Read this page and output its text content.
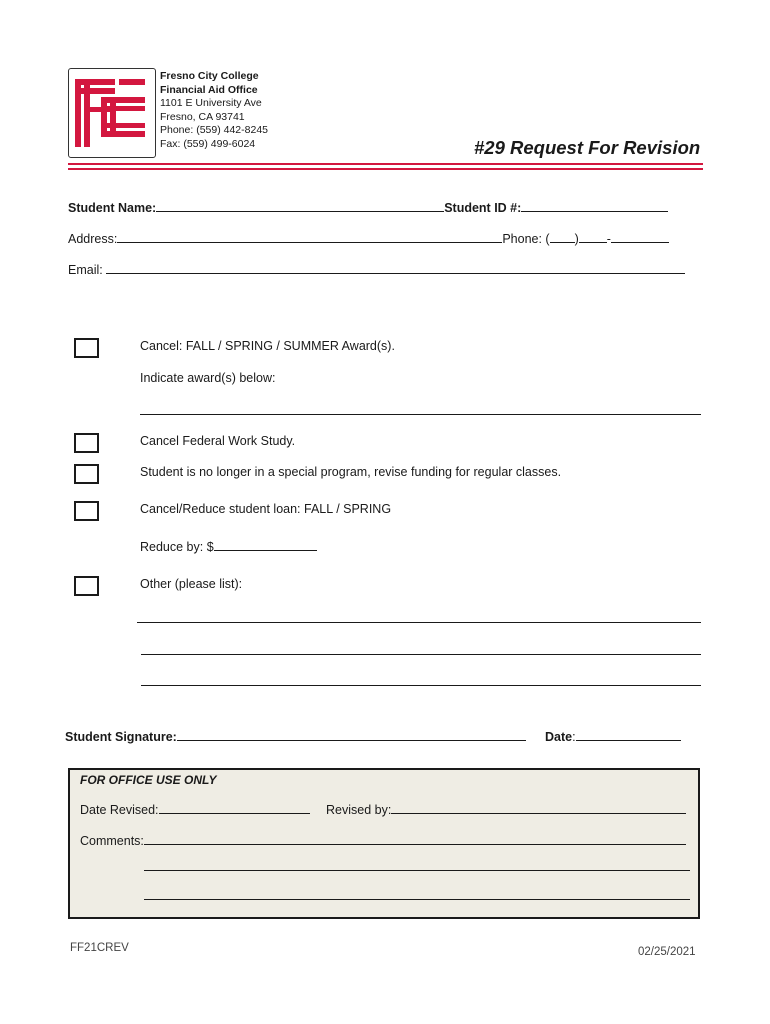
Fresno City College
Financial Aid Office
1101 E University Ave
Fresno, CA 93741
Phone: (559) 442-8245
Fax: (559) 499-6024	#29 Request For Revision
Student Name:	Student ID #:
Address:	Phone: ( ) -
Email:
Cancel: FALL / SPRING / SUMMER Award(s).
Indicate award(s) below:
Cancel Federal Work Study.
Student is no longer in a special program, revise funding for regular classes.
Cancel/Reduce student loan: FALL / SPRING
Reduce by: $
Other (please list):
Student Signature:	Date:
FOR OFFICE USE ONLY
Date Revised:	Revised by:
Comments:
FF21CREV	02/25/2021
